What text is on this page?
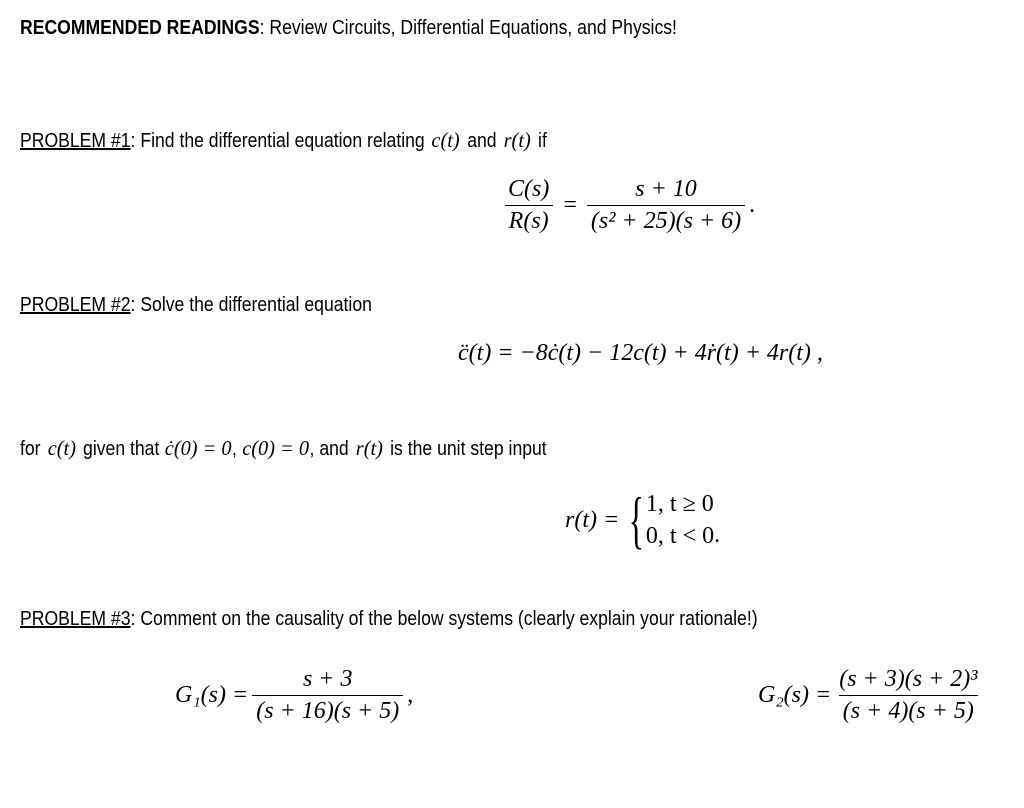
RECOMMENDED READINGS: Review Circuits, Differential Equations, and Physics!
PROBLEM #1: Find the differential equation relating c(t) and r(t) if
$\frac{C(s)}{R(s)} = \frac{s + 10}{\text{(s² + 25)(s + 6)}}$ .
PROBLEM #2: Solve the differential equation
c̈(t) = −8ċ(t) − 12c(t) + 4ṙ(t) + 4r(t) ,
for c(t) given that ċ(0) = 0, c(0) = 0, and r(t) is the unit step input
r(t) = { 1, t ≥ 0
0, t < 0 .
PROBLEM #3: Comment on the causality of the below systems (clearly explain your rationale!)
$G_1(s) = \frac{s + 3}{(s + 16)(s + 5)}$ ,	$G_2(s) = \frac{\text{(s + 3)(s + 2)³}}{(s + 4)(s + 5)}$
